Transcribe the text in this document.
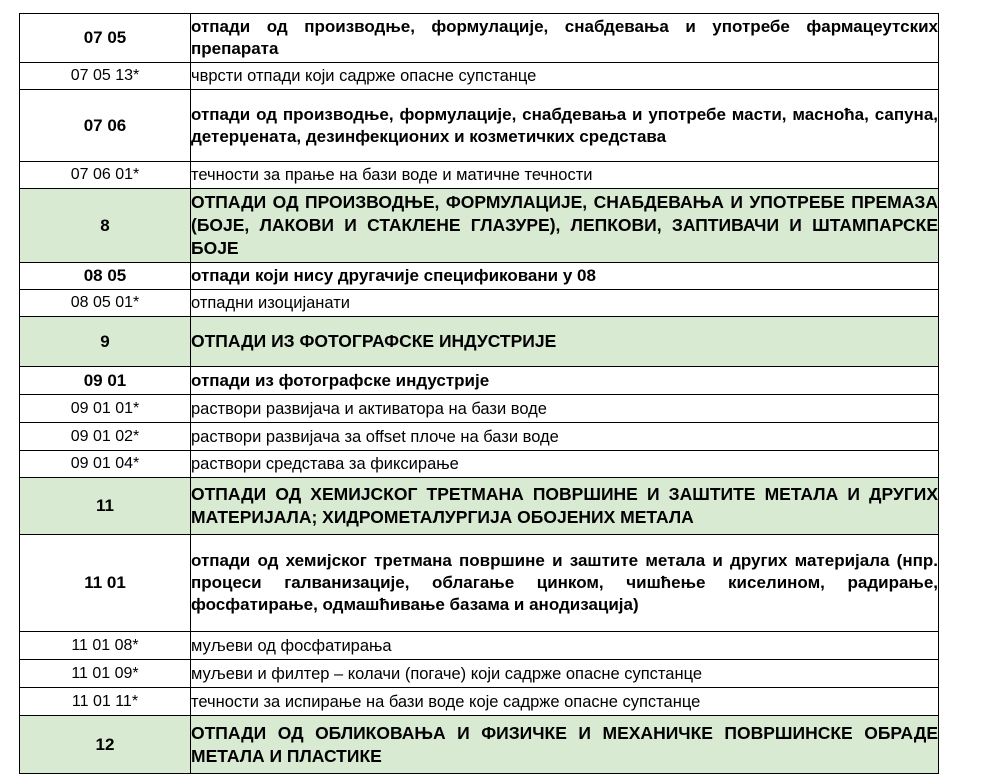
07 05	отпади од производње, формулације, снабдевања и употребе фармацеутских препарата

07 05 13*	чврсти отпади који садрже опасне супстанце

07 06	отпади од производње, формулације, снабдевања и употребе масти, масноћа, сапуна, детерџената, дезинфекционих и козметичких средстава

07 06 01*	течности за прање на бази воде и матичне течности

8	ОТПАДИ ОД ПРОИЗВОДЊЕ, ФОРМУЛАЦИЈЕ, СНАБДЕВАЊА И УПОТРЕБЕ ПРЕМАЗА (БОЈЕ, ЛАКОВИ И СТАКЛЕНЕ ГЛАЗУРЕ), ЛЕПКОВИ, ЗАПТИВАЧИ И ШТАМПАРСКЕ БОЈЕ

08 05	отпади који нису другачије спецификовани у 08

08 05 01*	отпадни изоцијанати

9	ОТПАДИ ИЗ ФОТОГРАФСКЕ ИНДУСТРИЈЕ

09 01	отпади из фотографске индустрије

09 01 01*	раствори развијача и активатора на бази воде

09 01 02*	раствори развијача за offset плоче на бази воде

09 01 04*	раствори средстава за фиксирање

11	ОТПАДИ ОД ХЕМИЈСКОГ ТРЕТМАНА ПОВРШИНЕ И ЗАШТИТЕ МЕТАЛА И ДРУГИХ МАТЕРИЈАЛА; ХИДРОМЕТАЛУРГИЈА ОБОЈЕНИХ МЕТАЛА

11 01	отпади од хемијског третмана површине и заштите метала и других материјала (нпр. процеси галванизације, облагање цинком, чишћење киселином, радирање, фосфатирање, одмашћивање базама и анодизација)

11 01 08*	муљеви од фосфатирања

11 01 09*	муљеви и филтер – колачи (погаче) који садрже опасне супстанце

11 01 11*	течности за испирање на бази воде које садрже опасне супстанце

12	ОТПАДИ ОД ОБЛИКОВАЊА И ФИЗИЧКЕ И МЕХАНИЧКЕ ПОВРШИНСКЕ ОБРАДЕ МЕТАЛА И ПЛАСТИКЕ
